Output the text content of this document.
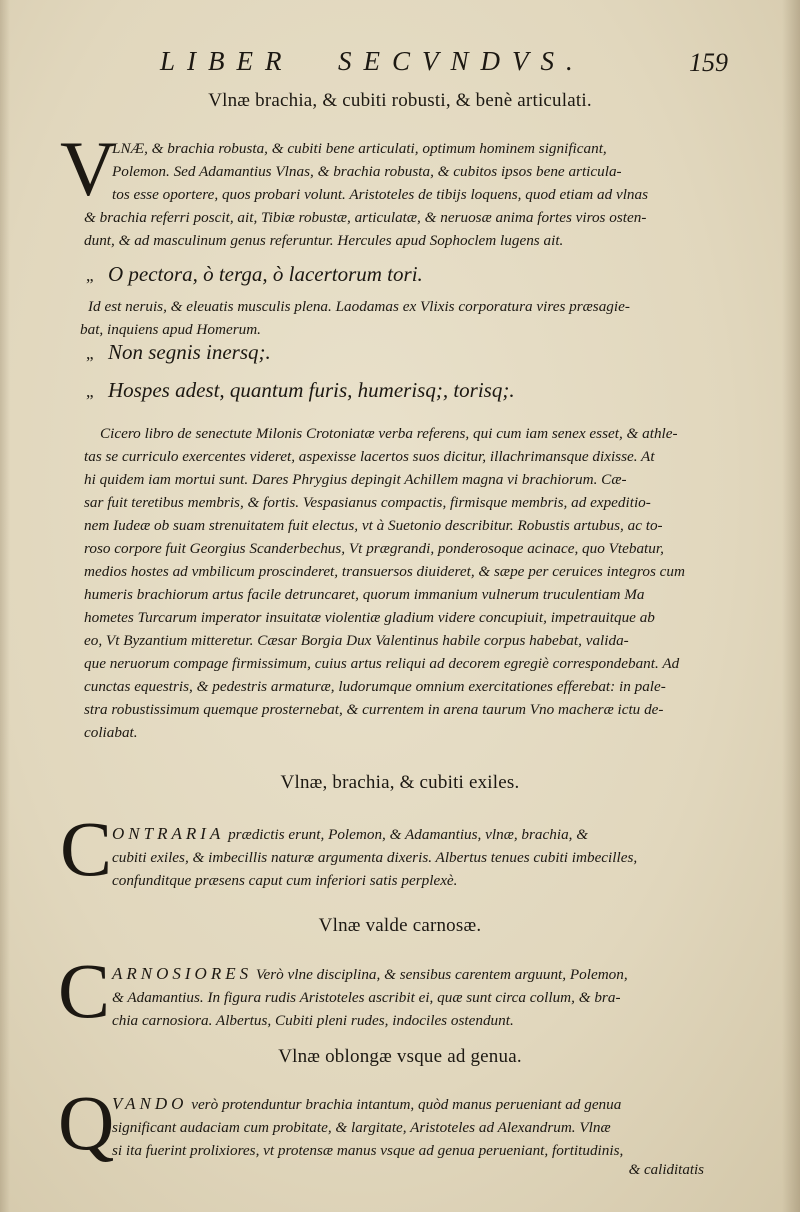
LIBER SECVNDVS.	159
Vlnæ brachia, & cubiti robusti, & benè articulati.
V
LNÆ, & brachia robusta, & cubiti bene articulati, optimum hominem significant,
Polemon. Sed Adamantius Vlnas, & brachia robusta, & cubitos ipsos bene articula-
tos esse oportere, quos probari volunt. Aristoteles de tibijs loquens, quod etiam ad vlnas
& brachia referri poscit, ait, Tibiæ robustæ, articulatæ, & neruosæ anima fortes viros osten-
dunt, & ad masculinum genus referuntur. Hercules apud Sophoclem lugens ait.
„ O pectora, ò terga, ò lacertorum tori.
Id est neruis, & eleuatis musculis plena. Laodamas ex Vlixis corporatura vires præsagie-
bat, inquiens apud Homerum.
„ Non segnis inersq;.
„ Hospes adest, quantum furis, humerisq;, torisq;.
Cicero libro de senectute Milonis Crotoniatæ verba referens, qui cum iam senex esset, & athle-
tas se curriculo exercentes videret, aspexisse lacertos suos dicitur, illachrimansque dixisse. At
hi quidem iam mortui sunt. Dares Phrygius depingit Achillem magna vi brachiorum. Cæ-
sar fuit teretibus membris, & fortis. Vespasianus compactis, firmisque membris, ad expeditio-
nem Iudeæ ob suam strenuitatem fuit electus, vt à Suetonio describitur. Robustis artubus, ac to-
roso corpore fuit Georgius Scanderbechus, Vt prægrandi, ponderosoque acinace, quo Vtebatur,
medios hostes ad vmbilicum proscinderet, transuersos diuideret, & sæpe per ceruices integros cum
humeris brachiorum artus facile detruncaret, quorum immanium vulnerum truculentiam Ma
hometes Turcarum imperator insuitatæ violentiæ gladium videre concupiuit, impetrauitque ab
eo, Vt Byzantium mitteretur. Cæsar Borgia Dux Valentinus habile corpus habebat, valida-
que neruorum compage firmissimum, cuius artus reliqui ad decorem egregiè correspondebant. Ad
cunctas equestris, & pedestris armaturæ, ludorumque omnium exercitationes efferebat: in pale-
stra robustissimum quemque prosternebat, & currentem in arena taurum Vno macheræ ictu de-
coliabat.
Vlnæ, brachia, & cubiti exiles.
C ONTRARIA prædictis erunt, Polemon, & Adamantius, vlnæ, brachia, &
cubiti exiles, & imbecillis naturæ argumenta dixeris. Albertus tenues cubiti imbecilles,
confunditque præsens caput cum inferiori satis perplexè.
Vlnæ valde carnosæ.
C ARNOSIORES Verò vlne disciplina, & sensibus carentem arguunt, Polemon,
& Adamantius. In figura rudis Aristoteles ascribit ei, quæ sunt circa collum, & bra-
chia carnosiora. Albertus, Cubiti pleni rudes, indociles ostendunt.
Vlnæ oblongæ vsque ad genua.
Q
VANDO verò protenduntur brachia intantum, quòd manus perueniant ad genua
significant audaciam cum probitate, & largitate, Aristoteles ad Alexandrum. Vlnæ
si ita fuerint prolixiores, vt protensæ manus vsque ad genua perueniant, fortitudinis,
& caliditatis
